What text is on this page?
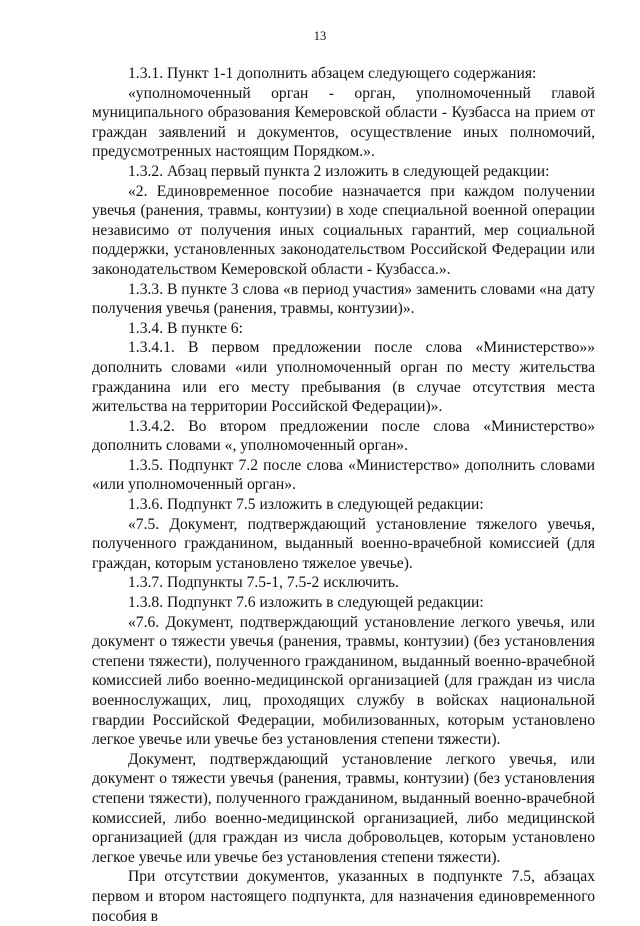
13

1.3.1. Пункт 1-1 дополнить абзацем следующего содержания:

«уполномоченный орган - орган, уполномоченный главой муниципального образования Кемеровской области - Кузбасса на прием от граждан заявлений и документов, осуществление иных полномочий, предусмотренных настоящим Порядком.».

1.3.2. Абзац первый пункта 2 изложить в следующей редакции:

«2. Единовременное пособие назначается при каждом получении увечья (ранения, травмы, контузии) в ходе специальной военной операции независимо от получения иных социальных гарантий, мер социальной поддержки, установленных законодательством Российской Федерации или законодательством Кемеровской области - Кузбасса.».

1.3.3. В пункте 3 слова «в период участия» заменить словами «на дату получения увечья (ранения, травмы, контузии)».

1.3.4. В пункте 6:

1.3.4.1. В первом предложении после слова «Министерство»» дополнить словами «или уполномоченный орган по месту жительства гражданина или его месту пребывания (в случае отсутствия места жительства на территории Российской Федерации)».

1.3.4.2. Во втором предложении после слова «Министерство» дополнить словами «, уполномоченный орган».

1.3.5. Подпункт 7.2 после слова «Министерство» дополнить словами «или уполномоченный орган».

1.3.6. Подпункт 7.5 изложить в следующей редакции:

«7.5. Документ, подтверждающий установление тяжелого увечья, полученного гражданином, выданный военно-врачебной комиссией (для граждан, которым установлено тяжелое увечье).

1.3.7. Подпункты 7.5-1, 7.5-2 исключить.

1.3.8. Подпункт 7.6 изложить в следующей редакции:

«7.6. Документ, подтверждающий установление легкого увечья, или документ о тяжести увечья (ранения, травмы, контузии) (без установления степени тяжести), полученного гражданином, выданный военно-врачебной комиссией либо военно-медицинской организацией (для граждан из числа военнослужащих, лиц, проходящих службу в войсках национальной гвардии Российской Федерации, мобилизованных, которым установлено легкое увечье или увечье без установления степени тяжести).

Документ, подтверждающий установление легкого увечья, или документ о тяжести увечья (ранения, травмы, контузии) (без установления степени тяжести), полученного гражданином, выданный военно-врачебной комиссией, либо военно-медицинской организацией, либо медицинской организацией (для граждан из числа добровольцев, которым установлено легкое увечье или увечье без установления степени тяжести).

При отсутствии документов, указанных в подпункте 7.5, абзацах первом и втором настоящего подпункта, для назначения единовременного пособия в
